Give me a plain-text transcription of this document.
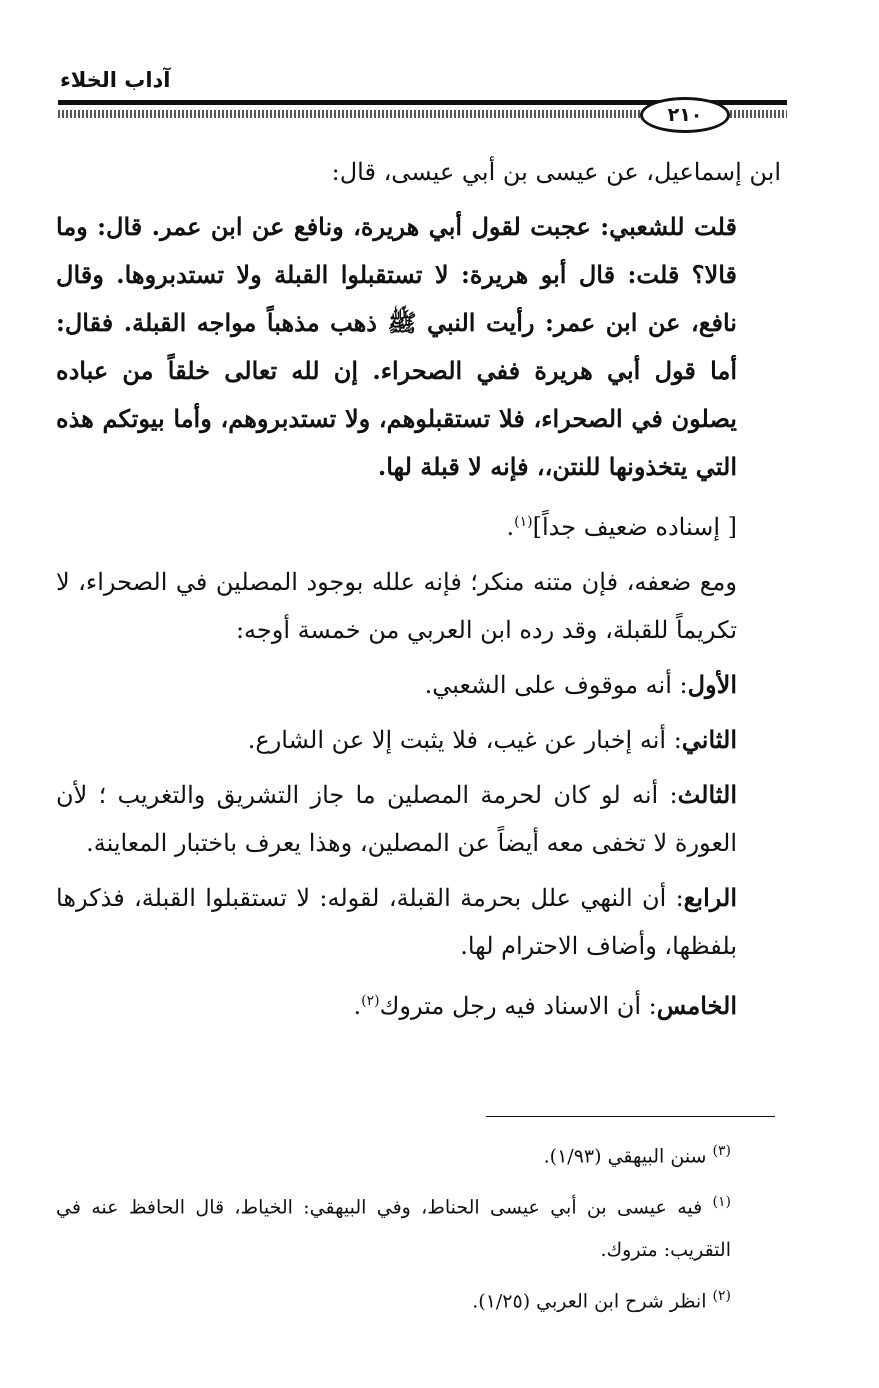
آداب الخلاء
٢١٠

ابن إسماعيل، عن عيسى بن أبي عيسى، قال:

قلت للشعبي: عجبت لقول أبي هريرة، ونافع عن ابن عمر. قال: وما قالا؟ قلت: قال أبو هريرة: لا تستقبلوا القبلة ولا تستدبروها. وقال نافع، عن ابن عمر: رأيت النبي ﷺ ذهب مذهباً مواجه القبلة. فقال: أما قول أبي هريرة ففي الصحراء. إن لله تعالى خلقاً من عباده يصلون في الصحراء، فلا تستقبلوهم، ولا تستدبروهم، وأما بيوتكم هذه التي يتخذونها للنتن،، فإنه لا قبلة لها.

[ إسناده ضعيف جداً]$^{(١)}$.

ومع ضعفه، فإن متنه منكر؛ فإنه علله بوجود المصلين في الصحراء، لا تكريماً للقبلة، وقد رده ابن العربي من خمسة أوجه:

الأول: أنه موقوف على الشعبي.

الثاني: أنه إخبار عن غيب، فلا يثبت إلا عن الشارع.

الثالث: أنه لو كان لحرمة المصلين ما جاز التشريق والتغريب ؛ لأن العورة لا تخفى معه أيضاً عن المصلين، وهذا يعرف باختبار المعاينة.

الرابع: أن النهي علل بحرمة القبلة، لقوله: لا تستقبلوا القبلة، فذكرها بلفظها، وأضاف الاحترام لها.

الخامس: أن الاسناد فيه رجل متروك$^{(٢)}$.

$^{(٣)}$ سنن البيهقي (١/٩٣).

$^{(١)}$ فيه عيسى بن أبي عيسى الحناط، وفي البيهقي: الخياط، قال الحافظ عنه في التقريب: متروك.

$^{(٢)}$ انظر شرح ابن العربي (١/٢٥).
